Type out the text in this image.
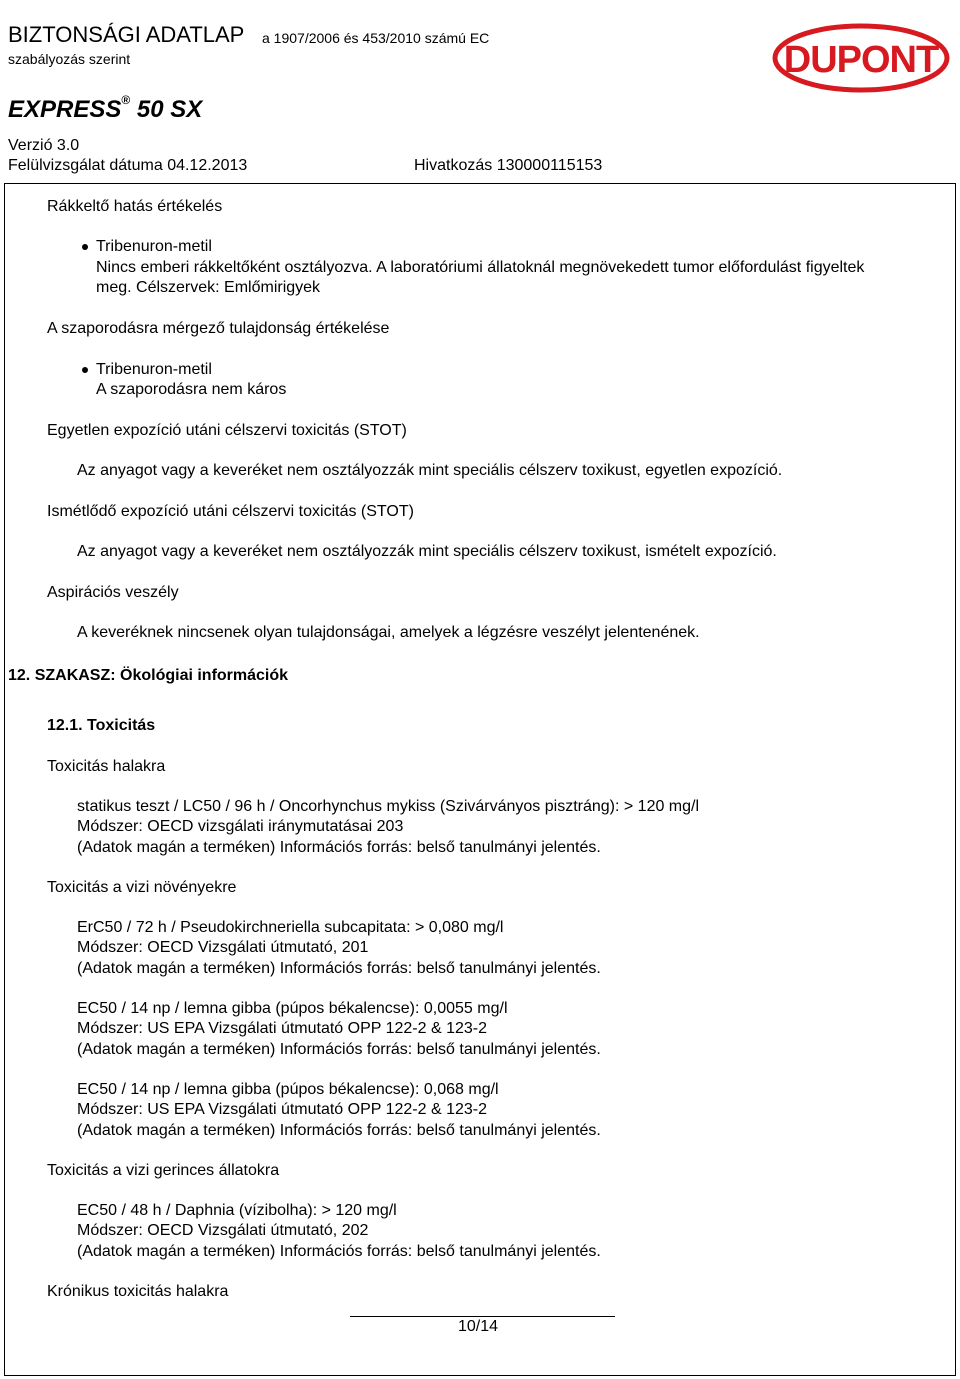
BIZTONSÁGI ADATLAP a 1907/2006 és 453/2010 számú EC
szabályozás szerint	DUPONT
EXPRESS® 50 SX
Verzió 3.0
Felülvizsgálat dátuma 04.12.2013	Hivatkozás 130000115153
Rákkeltő hatás értékelés
Tribenuron-metil
Nincs emberi rákkeltőként osztályozva. A laboratóriumi állatoknál megnövekedett tumor előfordulást figyeltek
meg. Célszervek: Emlőmirigyek
A szaporodásra mérgező tulajdonság értékelése
Tribenuron-metil
A szaporodásra nem káros
Egyetlen expozíció utáni célszervi toxicitás (STOT)
Az anyagot vagy a keveréket nem osztályozzák mint speciális célszerv toxikust, egyetlen expozíció.
Ismétlődő expozíció utáni célszervi toxicitás (STOT)
Az anyagot vagy a keveréket nem osztályozzák mint speciális célszerv toxikust, ismételt expozíció.
Aspirációs veszély
A keveréknek nincsenek olyan tulajdonságai, amelyek a légzésre veszélyt jelentenének.
12. SZAKASZ: Ökológiai információk
12.1. Toxicitás
Toxicitás halakra
statikus teszt / LC50 / 96 h / Oncorhynchus mykiss (Szivárványos pisztráng): > 120 mg/l
Módszer: OECD vizsgálati iránymutatásai 203
(Adatok magán a terméken) Információs forrás: belső tanulmányi jelentés.
Toxicitás a vizi növényekre
ErC50 / 72 h / Pseudokirchneriella subcapitata: > 0,080 mg/l
Módszer: OECD Vizsgálati útmutató, 201
(Adatok magán a terméken) Információs forrás: belső tanulmányi jelentés.
EC50 / 14 np / lemna gibba (púpos békalencse): 0,0055 mg/l
Módszer: US EPA Vizsgálati útmutató OPP 122-2 & 123-2
(Adatok magán a terméken) Információs forrás: belső tanulmányi jelentés.
EC50 / 14 np / lemna gibba (púpos békalencse): 0,068 mg/l
Módszer: US EPA Vizsgálati útmutató OPP 122-2 & 123-2
(Adatok magán a terméken) Információs forrás: belső tanulmányi jelentés.
Toxicitás a vizi gerinces állatokra
EC50 / 48 h / Daphnia (vízibolha): > 120 mg/l
Módszer: OECD Vizsgálati útmutató, 202
(Adatok magán a terméken) Információs forrás: belső tanulmányi jelentés.
Krónikus toxicitás halakra
10/14
